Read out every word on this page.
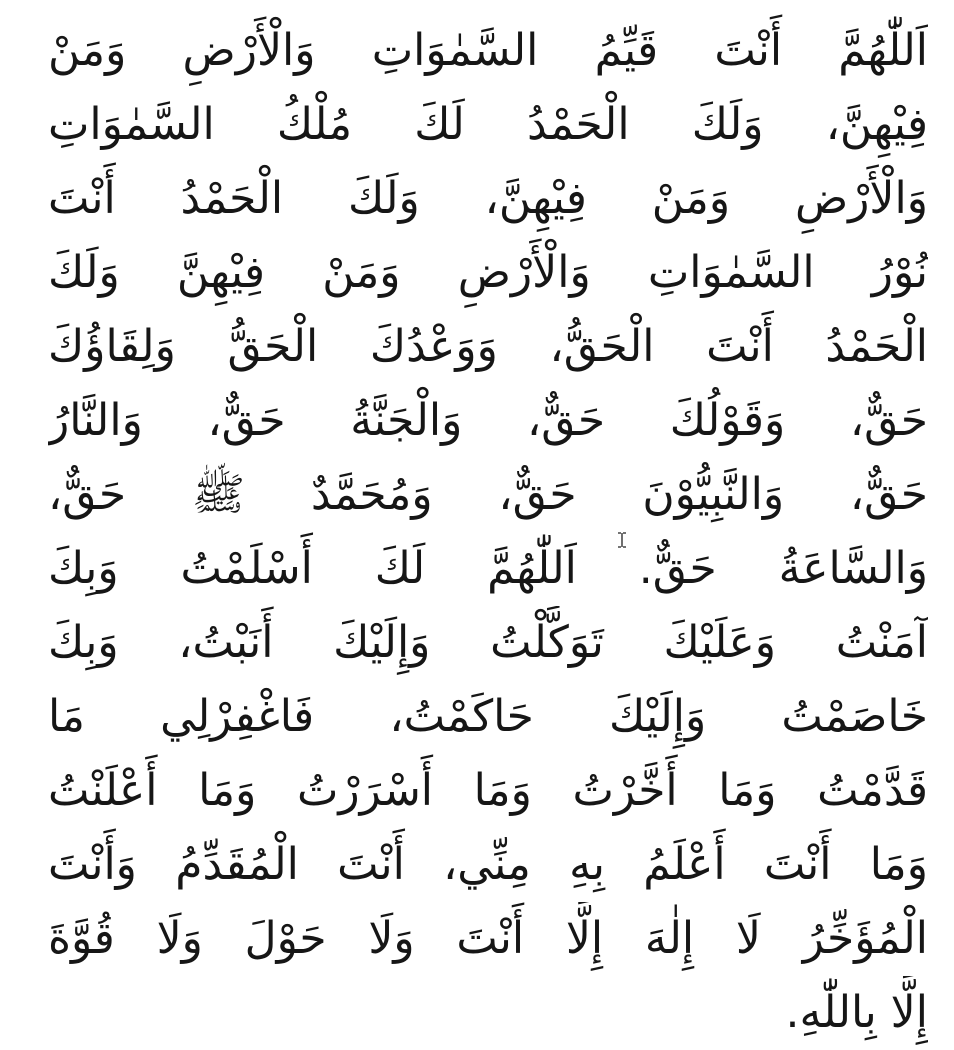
اَللّٰهُمَّ أَنْتَ قَيِّمُ السَّمٰوَاتِ وَالْأَرْضِ وَمَنْ
فِيْهِنَّ، وَلَكَ الْحَمْدُ لَكَ مُلْكُ السَّمٰوَاتِ
وَالْأَرْضِ وَمَنْ فِيْهِنَّ، وَلَكَ الْحَمْدُ أَنْتَ
نُوْرُ السَّمٰوَاتِ وَالْأَرْضِ وَمَنْ فِيْهِنَّ وَلَكَ
الْحَمْدُ أَنْتَ الْحَقُّ، وَوَعْدُكَ الْحَقُّ وَلِقَاؤُكَ
حَقٌّ، وَقَوْلُكَ حَقٌّ، وَالْجَنَّةُ حَقٌّ، وَالنَّارُ
حَقٌّ، وَالنَّبِيُّوْنَ حَقٌّ، وَمُحَمَّدٌ ﷺ حَقٌّ،
وَالسَّاعَةُ حَقٌّ. اَللّٰهُمَّ لَكَ أَسْلَمْتُ وَبِكَ
آمَنْتُ وَعَلَيْكَ تَوَكَّلْتُ وَإِلَيْكَ أَنَبْتُ، وَبِكَ
خَاصَمْتُ وَإِلَيْكَ حَاكَمْتُ، فَاغْفِرْلِي مَا
قَدَّمْتُ وَمَا أَخَّرْتُ وَمَا أَسْرَرْتُ وَمَا أَعْلَنْتُ
وَمَا أَنْتَ أَعْلَمُ بِهِ مِنِّي، أَنْتَ الْمُقَدِّمُ وَأَنْتَ
الْمُؤَخِّرُ لَا إِلٰهَ إِلَّا أَنْتَ وَلَا حَوْلَ وَلَا قُوَّةَ
إِلَّا بِاللّٰهِ.
